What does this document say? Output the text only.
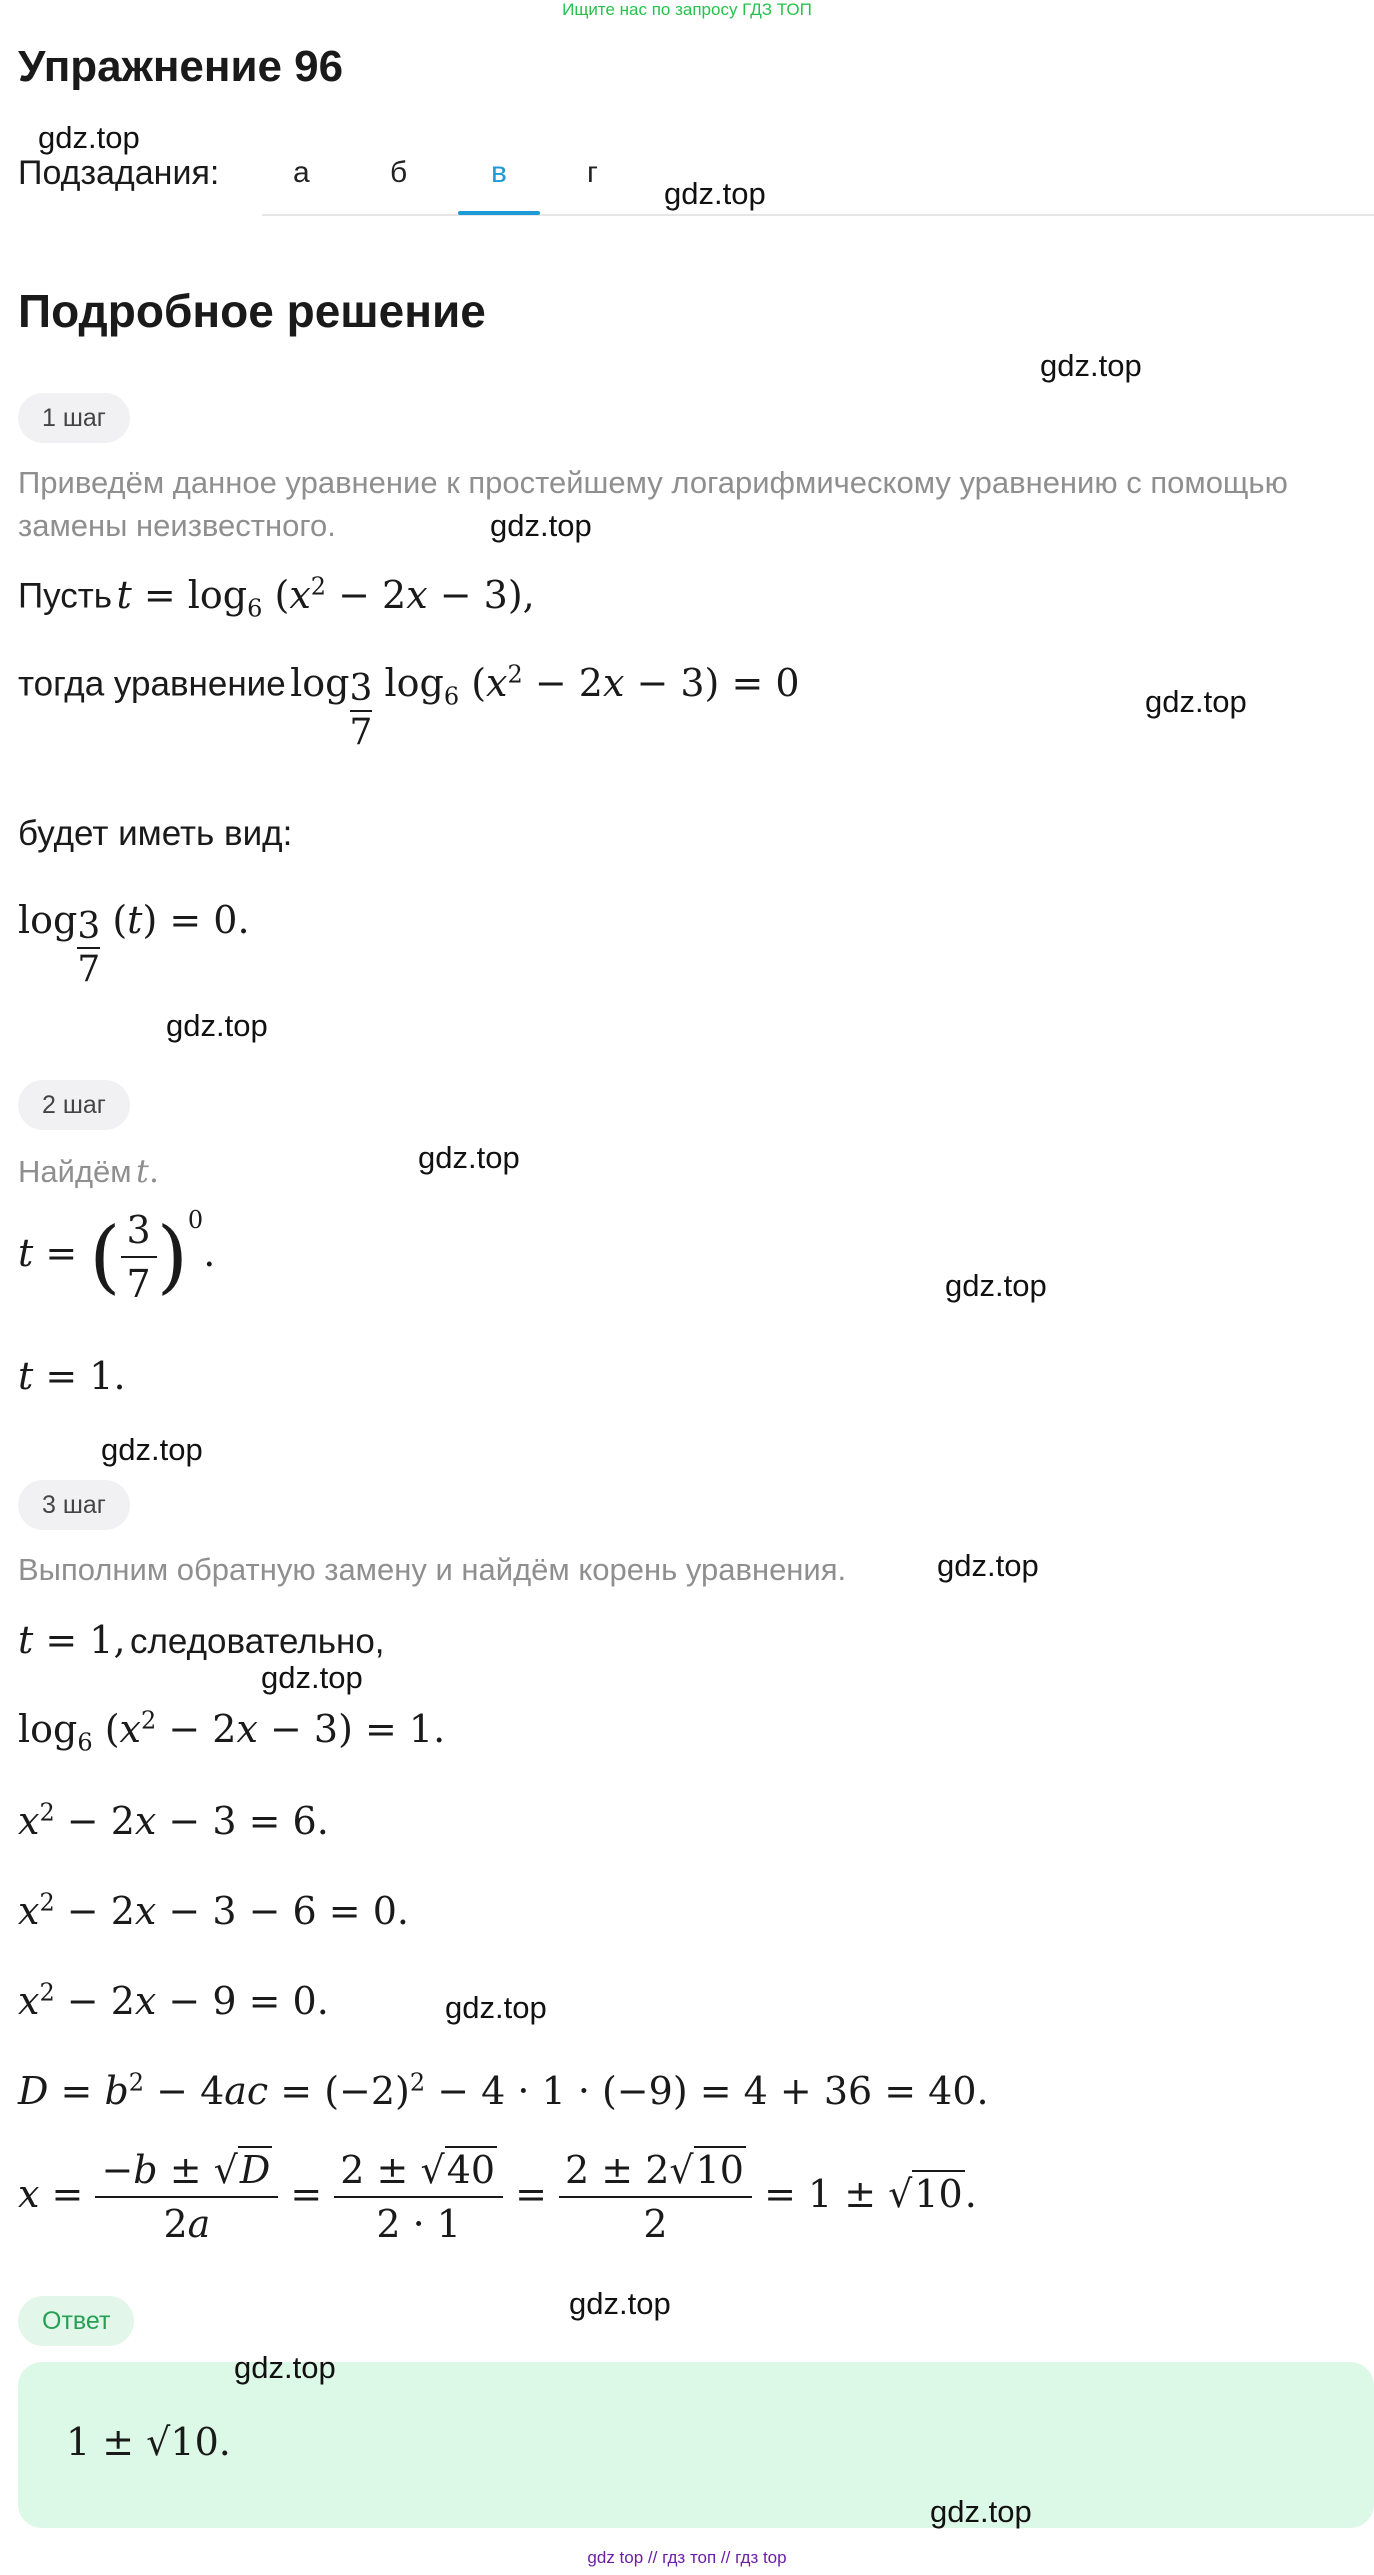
Ищите нас по запросу ГДЗ ТОП
Упражнение 96
gdz.top
Подзадания: а	б	в	г
gdz.top
Подробное решение
gdz.top
1 шаг
Приведём данное уравнение к простейшему логарифмическому уравнению с помощью
замены неизвестного.	gdz.top
Пусть $t = \log_6 (x^2 - 2x - 3)$,
тогда уравнение $\log\frac{3}{7} \log_6 (x^2 - 2x - 3) = 0$	gdz.top
будет иметь вид:
$\log\frac{3}{7} (t) = 0$.
gdz.top
2 шаг
Найдём t.	gdz.top
t = ( $\frac{3}{7} )^0$.
gdz.top
t = 1.
gdz.top
3 шаг
Выполним обратную замену и найдём корень уравнения.	gdz.top
t = 1, следовательно,
gdz.top
$\log_6 (x^2 - 2x - 3) = 1$.
$x^2 - 2x - 3 = 6$.
$x^2 - 2x - 3 - 6 = 0$.
$x^2 - 2x - 9 = 0$.	gdz.top
$D = b^2 - 4ac = (-2)^2 - 4 \cdot 1 \cdot (-9) = 4 + 36 = 40$.
$x = \frac{-b \pm √D}{2a} = \frac{2 \pm √40}{2 \cdot 1} = \frac{2 \pm 2√10}{2} = 1 \pm √10$.
Ответ	gdz.top
gdz.top
1 ± √10.
gdz.top
gdz top // гдз топ // гдз top
